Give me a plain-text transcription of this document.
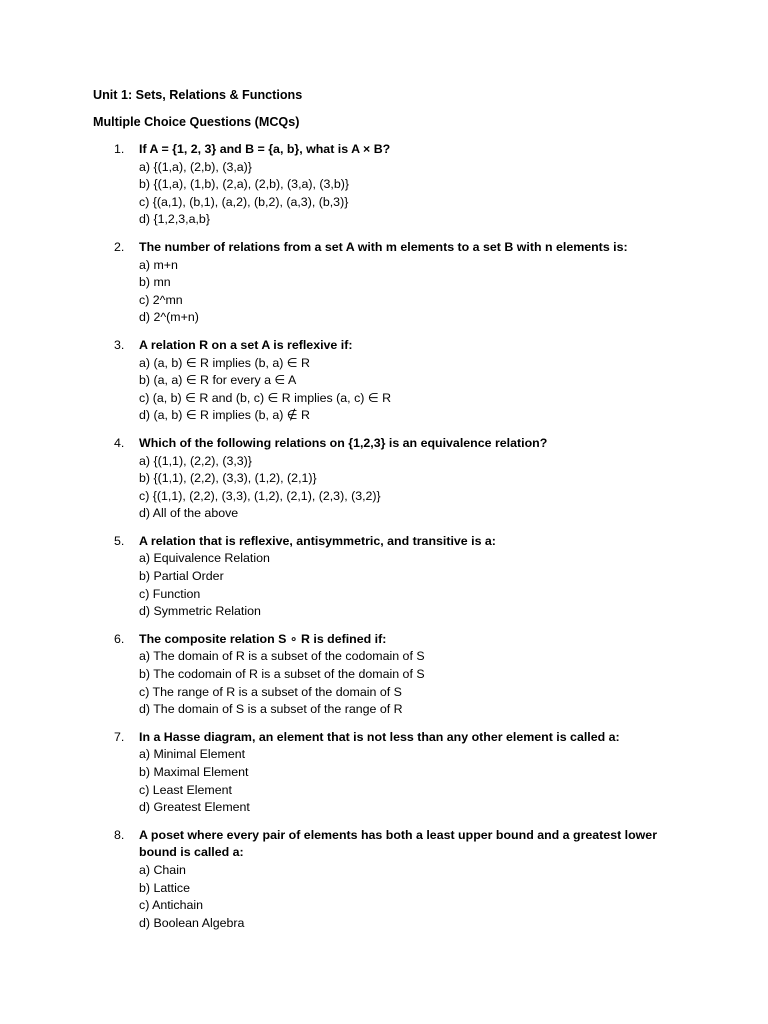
Unit 1: Sets, Relations & Functions
Multiple Choice Questions (MCQs)
1. If A = {1, 2, 3} and B = {a, b}, what is A × B?
a) {(1,a), (2,b), (3,a)}
b) {(1,a), (1,b), (2,a), (2,b), (3,a), (3,b)}
c) {(a,1), (b,1), (a,2), (b,2), (a,3), (b,3)}
d) {1,2,3,a,b}
2. The number of relations from a set A with m elements to a set B with n elements is:
a) m+n
b) mn
c) 2^mn
d) 2^(m+n)
3. A relation R on a set A is reflexive if:
a) (a, b) ∈ R implies (b, a) ∈ R
b) (a, a) ∈ R for every a ∈ A
c) (a, b) ∈ R and (b, c) ∈ R implies (a, c) ∈ R
d) (a, b) ∈ R implies (b, a) ∉ R
4. Which of the following relations on {1,2,3} is an equivalence relation?
a) {(1,1), (2,2), (3,3)}
b) {(1,1), (2,2), (3,3), (1,2), (2,1)}
c) {(1,1), (2,2), (3,3), (1,2), (2,1), (2,3), (3,2)}
d) All of the above
5. A relation that is reflexive, antisymmetric, and transitive is a:
a) Equivalence Relation
b) Partial Order
c) Function
d) Symmetric Relation
6. The composite relation S ∘ R is defined if:
a) The domain of R is a subset of the codomain of S
b) The codomain of R is a subset of the domain of S
c) The range of R is a subset of the domain of S
d) The domain of S is a subset of the range of R
7. In a Hasse diagram, an element that is not less than any other element is called a:
a) Minimal Element
b) Maximal Element
c) Least Element
d) Greatest Element
8. A poset where every pair of elements has both a least upper bound and a greatest lower bound is called a:
a) Chain
b) Lattice
c) Antichain
d) Boolean Algebra
